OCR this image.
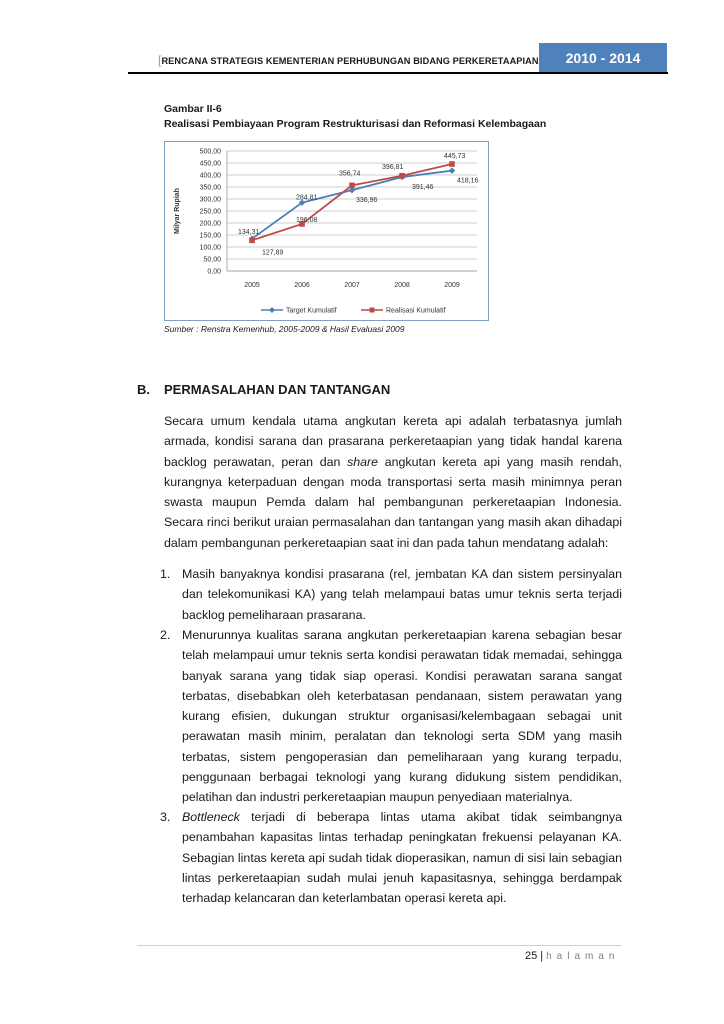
[RENCANA STRATEGIS KEMENTERIAN PERHUBUNGAN BIDANG PERKERETAAPIAN	2010 - 2014
Gambar II-6
Realisasi Pembiayaan Program Restrukturisasi dan Reformasi Kelembagaan
0,00
50,00
100,00
150,00
200,00
250,00
300,00
350,00
400,00
450,00
500,00
2005	2006	2007	2008	2009
Milyar Rupiah	134,31
284,81	336,96
391,46
418,16
127,89
196,08
356,74
396,81
445,73
Target Kumulatif	Realisasi Kumulatif
Sumber : Renstra Kemenhub, 2005-2009 & Hasil Evaluasi 2009
B. PERMASALAHAN DAN TANTANGAN
Secara umum kendala utama angkutan kereta api adalah terbatasnya jumlah armada, kondisi sarana dan prasarana perkeretaapian yang tidak handal karena backlog perawatan, peran dan share angkutan kereta api yang masih rendah, kurangnya keterpaduan dengan moda transportasi serta masih minimnya peran swasta maupun Pemda dalam hal pembangunan perkeretaapian Indonesia. Secara rinci berikut uraian permasalahan dan tantangan yang masih akan dihadapi dalam pembangunan perkeretaapian saat ini dan pada tahun mendatang adalah:
1. Masih banyaknya kondisi prasarana (rel, jembatan KA dan sistem persinyalan dan telekomunikasi KA) yang telah melampaui batas umur teknis serta terjadi backlog pemeliharaan prasarana.
2. Menurunnya kualitas sarana angkutan perkeretaapian karena sebagian besar telah melampaui umur teknis serta kondisi perawatan tidak memadai, sehingga banyak sarana yang tidak siap operasi. Kondisi perawatan sarana sangat terbatas, disebabkan oleh keterbatasan pendanaan, sistem perawatan yang kurang efisien, dukungan struktur organisasi/kelembagaan sebagai unit perawatan masih minim, peralatan dan teknologi serta SDM yang masih terbatas, sistem pengoperasian dan pemeliharaan yang kurang terpadu, penggunaan berbagai teknologi yang kurang didukung sistem pendidikan, pelatihan dan industri perkeretaapian maupun penyediaan materialnya.
3. Bottleneck terjadi di beberapa lintas utama akibat tidak seimbangnya penambahan kapasitas lintas terhadap peningkatan frekuensi pelayanan KA. Sebagian lintas kereta api sudah tidak dioperasikan, namun di sisi lain sebagian lintas perkeretaapian sudah mulai jenuh kapasitasnya, sehingga berdampak terhadap kelancaran dan keterlambatan operasi kereta api.
25 | halaman
